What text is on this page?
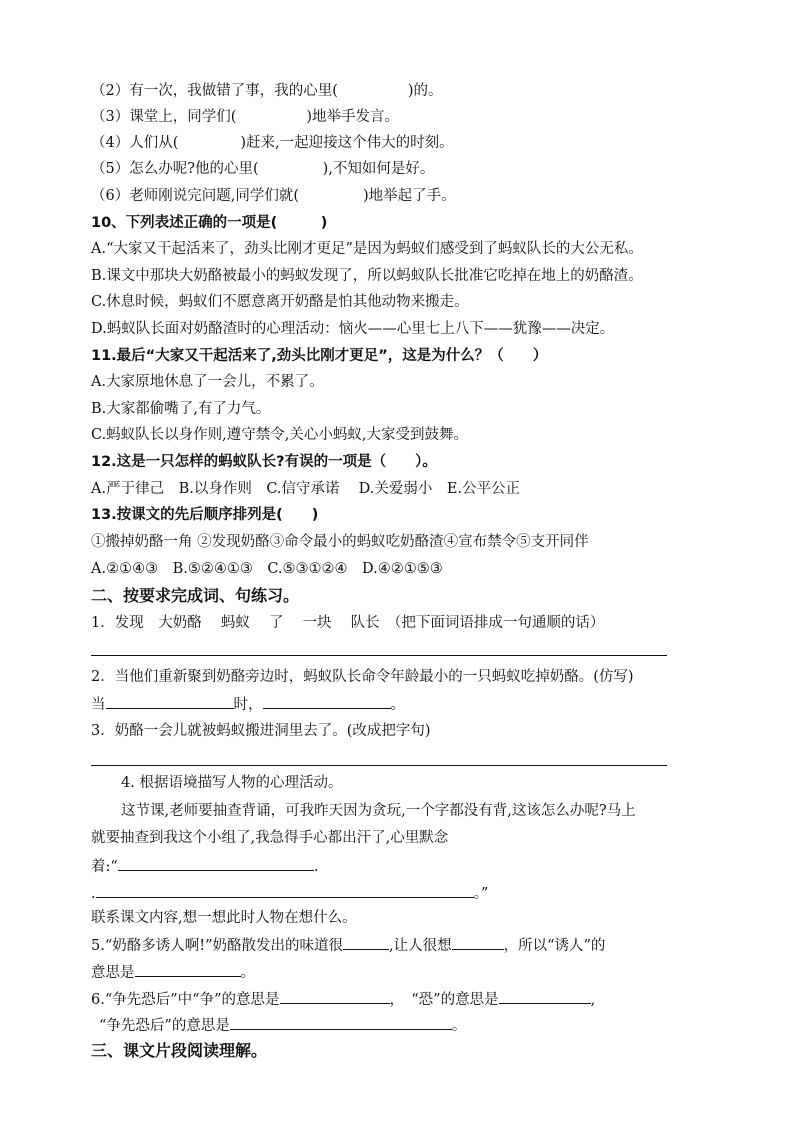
（2）有一次，我做错了事，我的心里(	)的。
（3）课堂上，同学们(	)地举手发言。
（4）人们从(	)赶来,一起迎接这个伟大的时刻。
（5）怎么办呢?他的心里(	),不知如何是好。
（6）老师刚说完问题,同学们就(	)地举起了手。
10、下列表述正确的一项是(　　　)
A.“大家又干起活来了，劲头比刚才更足”是因为蚂蚁们感受到了蚂蚁队长的大公无私。
B.课文中那块大奶酪被最小的蚂蚁发现了，所以蚂蚁队长批准它吃掉在地上的奶酪渣。
C.休息时候，蚂蚁们不愿意离开奶酪是怕其他动物来搬走。
D.蚂蚁队长面对奶酪渣时的心理活动：恼火——心里七上八下——犹豫——决定。
11.最后“大家又干起活来了,劲头比刚才更足”，这是为什么？（　　）
A.大家原地休息了一会儿，不累了。
B.大家都偷嘴了,有了力气。
C.蚂蚁队长以身作则,遵守禁令,关心小蚂蚁,大家受到鼓舞。
12.这是一只怎样的蚂蚁队长?有误的一项是（　　）。
A.严于律己　B.以身作则　C.信守承诺　 D.关爱弱小　E.公平公正
13.按课文的先后顺序排列是(　　)
①搬掉奶酪一角 ②发现奶酪③命令最小的蚂蚁吃奶酪渣④宣布禁令⑤支开同伴
A.②①④③　B.⑤②④①③　C.⑤③①②④　D.④②①⑤③
二、按要求完成词、句练习。
1．发现　大奶酪　 蚂蚁　 了　 一块　 队长　（把下面词语排成一句通顺的话）
2．当他们重新聚到奶酪旁边时，蚂蚁队长命令年龄最小的一只蚂蚁吃掉奶酪。(仿写)
当	时，	。
3．奶酪一会儿就被蚂蚁搬进洞里去了。(改成把字句)
4. 根据语境描写人物的心理活动。
这节课,老师要抽查背诵，可我昨天因为贪玩,一个字都没有背,这该怎么办呢?马上
就要抽查到我这个小组了,我急得手心都出汗了,心里默念
着:“	.
.	。”
联系课文内容,想一想此时人物在想什么。
5.“奶酪多诱人啊!”奶酪散发出的味道很	,让人很想	，所以“诱人”的
意思是	。
6.“争先恐后”中“争”的意思是	，　“恐”的意思是	,
“争先恐后”的意思是	。
三、课文片段阅读理解。
